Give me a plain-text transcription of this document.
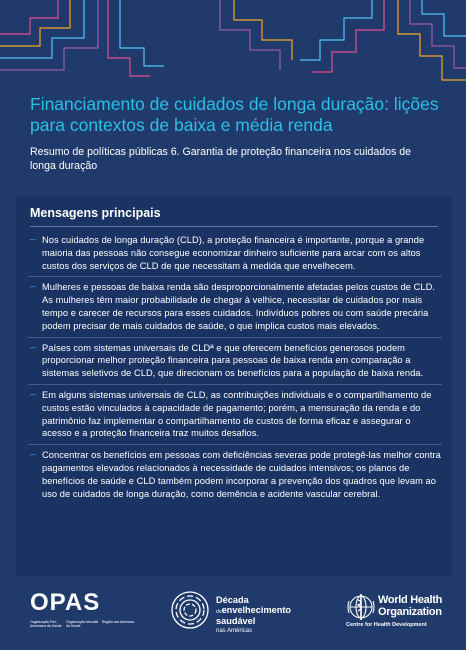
Financiamento de cuidados de longa duração: lições para contextos de baixa e média renda

Resumo de políticas públicas 6. Garantia de proteção financeira nos cuidados de longa duração

Mensagens principais
– Nos cuidados de longa duração (CLD), a proteção financeira é importante, porque a grande maioria das pessoas não consegue economizar dinheiro suficiente para arcar com os altos custos dos serviços de CLD de que necessitam à medida que envelhecem.

– Mulheres e pessoas de baixa renda são desproporcionalmente afetadas pelos custos de CLD. As mulheres têm maior probabilidade de chegar à velhice, necessitar de cuidados por mais tempo e carecer de recursos para esses cuidados. Indivíduos pobres ou com saúde precária podem precisar de mais cuidados de saúde, o que implica custos mais elevados.

– Países com sistemas universais de CLDª e que oferecem benefícios generosos podem proporcionar melhor proteção financeira para pessoas de baixa renda em comparação a sistemas seletivos de CLD, que direcionam os benefícios para a população de baixa renda.

– Em alguns sistemas universais de CLD, as contribuições individuais e o compartilhamento de custos estão vinculados à capacidade de pagamento; porém, a mensuração da renda e do patrimônio faz implementar o compartilhamento de custos de forma eficaz e assegurar o acesso e a proteção financeira traz muitos desafios.

– Concentrar os benefícios em pessoas com deficiências severas pode protegê-las melhor contra pagamentos elevados relacionados à necessidade de cuidados intensivos; os planos de benefícios de saúde e CLD também podem incorporar a prevenção dos quadros que levam ao uso de cuidados de longa duração, como demência e acidente vascular cerebral.

OPAS
Organização Pan-Americana da Saúde
Organização Mundial da Saúde
Região das Américas
Década
doenvelhecimento
saudável
nas Américas
World Health Organization
Centre for Health Development
